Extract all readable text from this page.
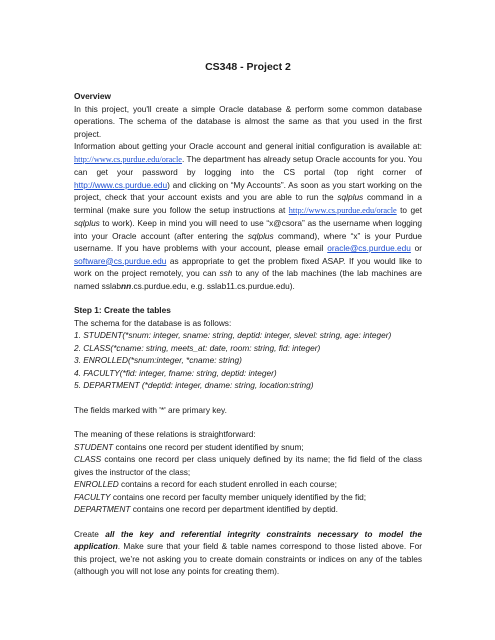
CS348 - Project 2
Overview

In this project, you'll create a simple Oracle database & perform some common database operations. The schema of the database is almost the same as that you used in the first project.

Information about getting your Oracle account and general initial configuration is available at: http://www.cs.purdue.edu/oracle. The department has already setup Oracle accounts for you. You can get your password by logging into the CS portal (top right corner of http://www.cs.purdue.edu) and clicking on “My Accounts”. As soon as you start working on the project, check that your account exists and you are able to run the sqlplus command in a terminal (make sure you follow the setup instructions at http://www.cs.purdue.edu/oracle to get sqlplus to work). Keep in mind you will need to use “x@csora” as the username when logging into your Oracle account (after entering the sqlplus command), where “x” is your Purdue username. If you have problems with your account, please email oracle@cs.purdue.edu or software@cs.purdue.edu as appropriate to get the problem fixed ASAP. If you would like to work on the project remotely, you can ssh to any of the lab machines (the lab machines are named sslabnn.cs.purdue.edu, e.g. sslab11.cs.purdue.edu).

Step 1: Create the tables

The schema for the database is as follows:

1. STUDENT(*snum: integer, sname: string, deptid: integer, slevel: string, age: integer)

2. CLASS(*cname: string, meets_at: date, room: string, fid: integer)

3. ENROLLED(*snum:integer, *cname: string)

4. FACULTY(*fid: integer, fname: string, deptid: integer)

5. DEPARTMENT (*deptid: integer, dname: string, location:string)

The fields marked with '*' are primary key.

The meaning of these relations is straightforward:

STUDENT contains one record per student identified by snum;

CLASS contains one record per class uniquely defined by its name; the fid field of the class gives the instructor of the class;

ENROLLED contains a record for each student enrolled in each course;

FACULTY contains one record per faculty member uniquely identified by the fid;

DEPARTMENT contains one record per department identified by deptid.

Create all the key and referential integrity constraints necessary to model the application. Make sure that your field & table names correspond to those listed above. For this project, we’re not asking you to create domain constraints or indices on any of the tables (although you will not lose any points for creating them).
